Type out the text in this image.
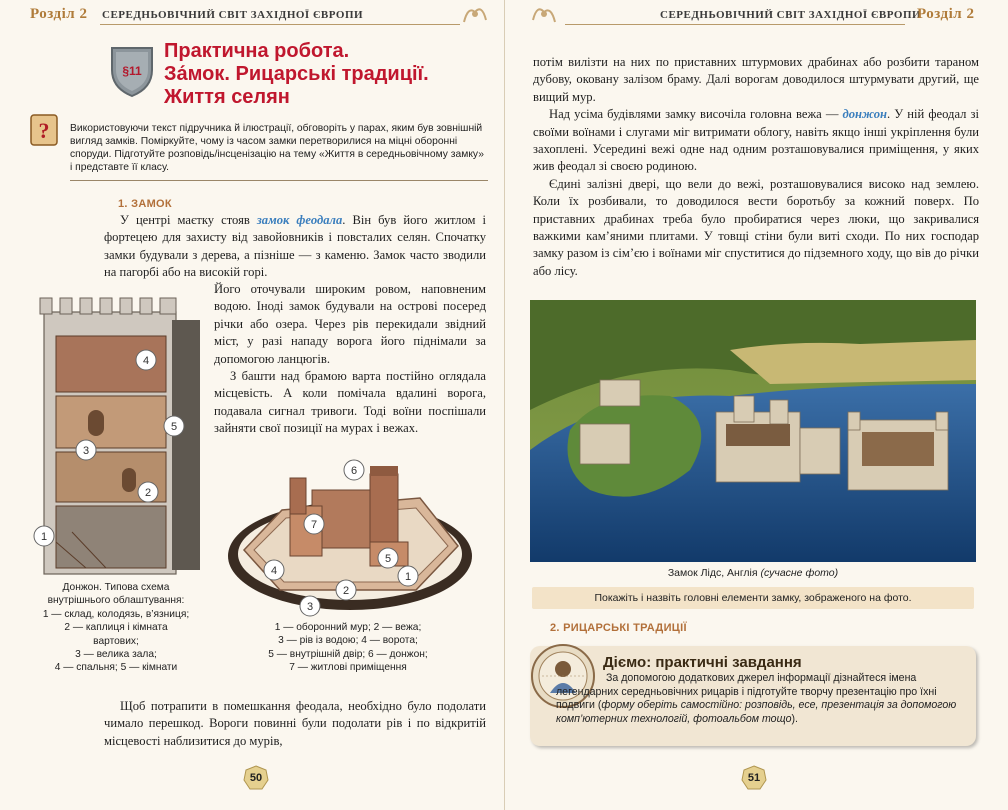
Розділ 2 СЕРЕДНЬОВІЧНИЙ СВІТ ЗАХІДНОЇ ЄВРОПИ
§11
Практична робота.
За́мок. Рицарські традиції.
Життя селян
? Використовуючи текст підручника й ілюстрації, обговоріть у парах, яким був зовнішній вигляд замків. Поміркуйте, чому із часом замки перетворилися на міцні оборонні споруди. Підготуйте розповідь/інсценізацію на тему «Життя в середньовічному замку» і представте її класу.
1. ЗАМОК

У центрі маєтку стояв замок феодала. Він був його житлом і фортецею для захисту від завойовників і повсталих селян. Спочатку замки будували з дерева, а пізніше — з каменю. Замок часто зводили на пагорбі або на високій горі.

4
5
3
2
1

Його оточували широким ровом, наповненим водою. Іноді замок будували на острові посеред річки або озера. Через рів перекидали звідний міст, у разі нападу ворога його піднімали за допомогою ланцюгів.

З башти над брамою варта постійно оглядала місцевість. А коли помічала вдалині ворога, подавала сигнал тривоги. Тоді воїни поспішали зайняти свої позиції на мурах і вежах.

6
7
5
4
2
1
3
Донжон. Типова схема
внутрішнього облаштування:
1 — склад, колодязь, в’язниця;
2 — каплиця і кімната
вартових;
3 — велика зала;
4 — спальня; 5 — кімнати
1 — оборонний мур; 2 — вежа;
3 — рів із водою; 4 — ворота;
5 — внутрішній двір; 6 — донжон;
7 — житлові приміщення

Щоб потрапити в помешкання феодала, необхідно було подолати чимало перешкод. Вороги повинні були подолати рів і по відкритій місцевості наблизитися до мурів,

50
СЕРЕДНЬОВІЧНИЙ СВІТ ЗАХІДНОЇ ЄВРОПИ
Розділ 2

потім вилізти на них по приставних штурмових драбинах або розбити тараном дубову, оковану залізом браму. Далі ворогам доводилося штурмувати другий, ще вищий мур.

Над усіма будівлями замку височіла головна вежа — донжон. У ній феодал зі своїми воїнами і слугами міг витримати облогу, навіть якщо інші укріплення були захоплені. Усередині вежі одне над одним розташовувалися приміщення, у яких жив феодал зі своєю родиною.

Єдині залізні двері, що вели до вежі, розташовувалися високо над землею. Коли їх розбивали, то доводилося вести боротьбу за кожний поверх. По приставних драбинах треба було пробиратися через люки, що закривалися важкими кам’яними плитами. У товщі стіни були виті сходи. По них господар замку разом із сім’єю і воїнами міг спуститися до підземного ходу, що вів до річки або лісу.

Замок Лідс, Англія (сучасне фото)
Покажіть і назвіть головні елементи замку, зображеного на фото.
2. РИЦАРСЬКІ ТРАДИЦІЇ
Діємо: практичні завдання
За допомогою додаткових джерел інформації дізнайтеся імена легендарних середньовічних рицарів і підготуйте творчу презентацію про їхні подвиги (форму оберіть самостійно: розповідь, есе, презентація за допомогою комп’ютерних технологій, фотоальбом тощо).
51
